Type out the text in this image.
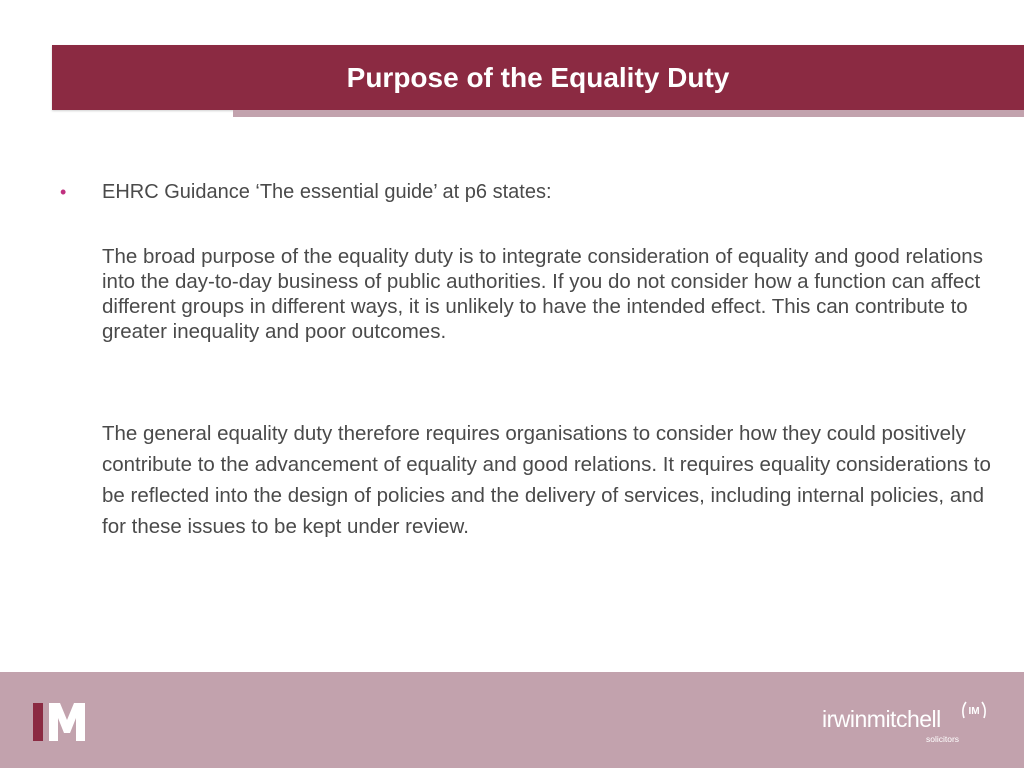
Purpose of the Equality Duty
• EHRC Guidance ‘The essential guide’ at p6 states:

The broad purpose of the equality duty is to integrate consideration of equality and good relations into the day-to-day business of public authorities. If you do not consider how a function can affect different groups in different ways, it is unlikely to have the intended effect. This can contribute to greater inequality and poor outcomes.

The general equality duty therefore requires organisations to consider how they could positively contribute to the advancement of equality and good relations. It requires equality considerations to be reflected into the design of policies and the delivery of services, including internal policies, and for these issues to be kept under review.

irwinmitchell
solicitors
IM
